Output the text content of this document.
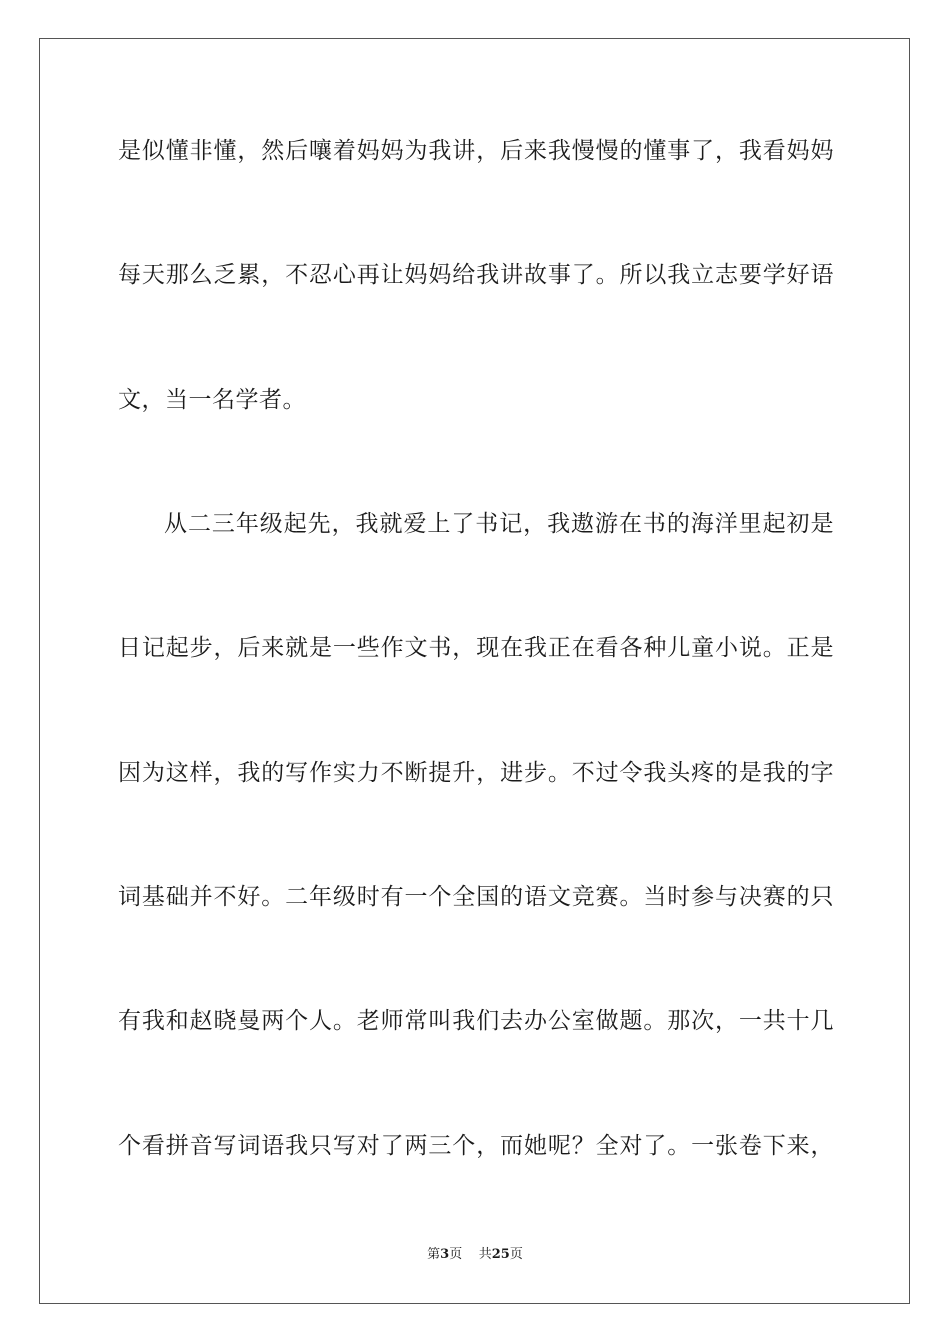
是似懂非懂，然后嚷着妈妈为我讲，后来我慢慢的懂事了，我看妈妈
每天那么乏累，不忍心再让妈妈给我讲故事了。所以我立志要学好语
文，当一名学者。
从二三年级起先，我就爱上了书记，我遨游在书的海洋里起初是
日记起步，后来就是一些作文书，现在我正在看各种儿童小说。正是
因为这样，我的写作实力不断提升，进步。不过令我头疼的是我的字
词基础并不好。二年级时有一个全国的语文竞赛。当时参与决赛的只
有我和赵晓曼两个人。老师常叫我们去办公室做题。那次，一共十几
个看拼音写词语我只写对了两三个，而她呢？全对了。一张卷下来，
第3页 共25页
